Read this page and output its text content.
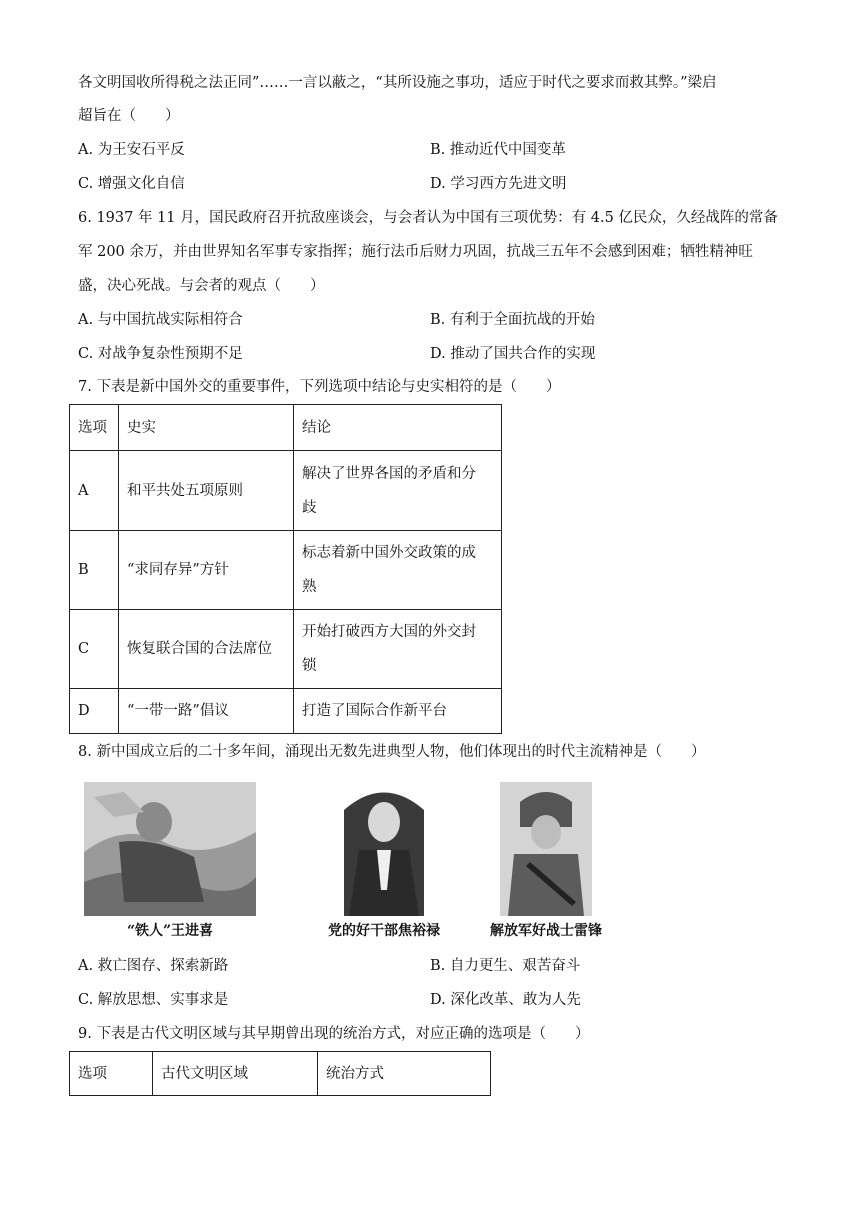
各文明国收所得税之法正同”……一言以蔽之，“其所设施之事功，适应于时代之要求而救其弊。”梁启
超旨在（　　）
A. 为王安石平反	B. 推动近代中国变革
C. 增强文化自信	D. 学习西方先进文明
6. 1937 年 11 月，国民政府召开抗敌座谈会，与会者认为中国有三项优势：有 4.5 亿民众，久经战阵的常备
军 200 余万，并由世界知名军事专家指挥；施行法币后财力巩固，抗战三五年不会感到困难；牺牲精神旺
盛，决心死战。与会者的观点（　　）
A. 与中国抗战实际相符合	B. 有利于全面抗战的开始
C. 对战争复杂性预期不足	D. 推动了国共合作的实现
7. 下表是新中国外交的重要事件，下列选项中结论与史实相符的是（　　）
选项	史实	结论
A	和平共处五项原则	解决了世界各国的矛盾和分
歧

B	“求同存异”方针	标志着新中国外交政策的成
熟

C	恢复联合国的合法席位	开始打破西方大国的外交封
锁

D	“一带一路”倡议	打造了国际合作新平台
8. 新中国成立后的二十多年间，涌现出无数先进典型人物，他们体现出的时代主流精神是（　　）
“铁人”王进喜	党的好干部焦裕禄	解放军好战士雷锋
A. 救亡图存、探索新路	B. 自力更生、艰苦奋斗
C. 解放思想、实事求是	D. 深化改革、敢为人先
9. 下表是古代文明区域与其早期曾出现的统治方式，对应正确的选项是（　　）
选项	古代文明区域	统治方式
